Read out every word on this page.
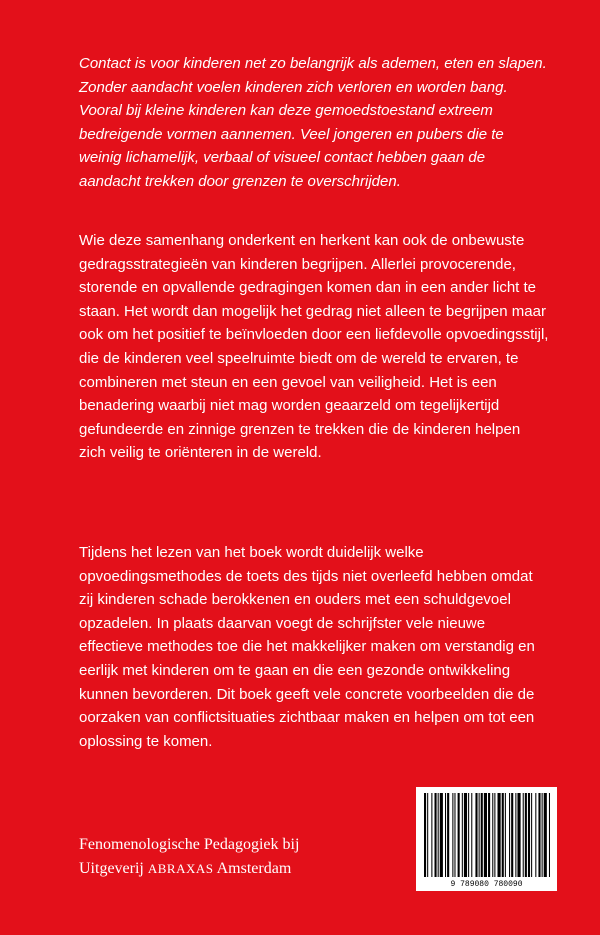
Contact is voor kinderen net zo belangrijk als ademen, eten en slapen. Zonder aandacht voelen kinderen zich verloren en worden bang. Vooral bij kleine kinderen kan deze gemoedstoestand extreem bedreigende vormen aannemen. Veel jongeren en pubers die te weinig lichamelijk, verbaal of visueel contact hebben gaan de aandacht trekken door grenzen te overschrijden.

Wie deze samenhang onderkent en herkent kan ook de onbewuste gedragsstrategieën van kinderen begrijpen. Allerlei provocerende, storende en opvallende gedragingen komen dan in een ander licht te staan. Het wordt dan mogelijk het gedrag niet alleen te begrijpen maar ook om het positief te beïnvloeden door een liefdevolle opvoedingsstijl, die de kinderen veel speelruimte biedt om de wereld te ervaren, te combineren met steun en een gevoel van veiligheid. Het is een benadering waarbij niet mag worden geaarzeld om tegelijkertijd gefundeerde en zinnige grenzen te trekken die de kinderen helpen zich veilig te oriënteren in de wereld.

Tijdens het lezen van het boek wordt duidelijk welke opvoedingsmethodes de toets des tijds niet overleefd hebben omdat zij kinderen schade berokkenen en ouders met een schuldgevoel opzadelen. In plaats daarvan voegt de schrijfster vele nieuwe effectieve methodes toe die het makkelijker maken om verstandig en eerlijk met kinderen om te gaan en die een gezonde ontwikkeling kunnen bevorderen. Dit boek geeft vele concrete voorbeelden die de oorzaken van conflictsituaties zichtbaar maken en helpen om tot een oplossing te komen.

Fenomenologische Pedagogiek bij
Uitgeverij ABRAXAS Amsterdam
9 789080 780090
